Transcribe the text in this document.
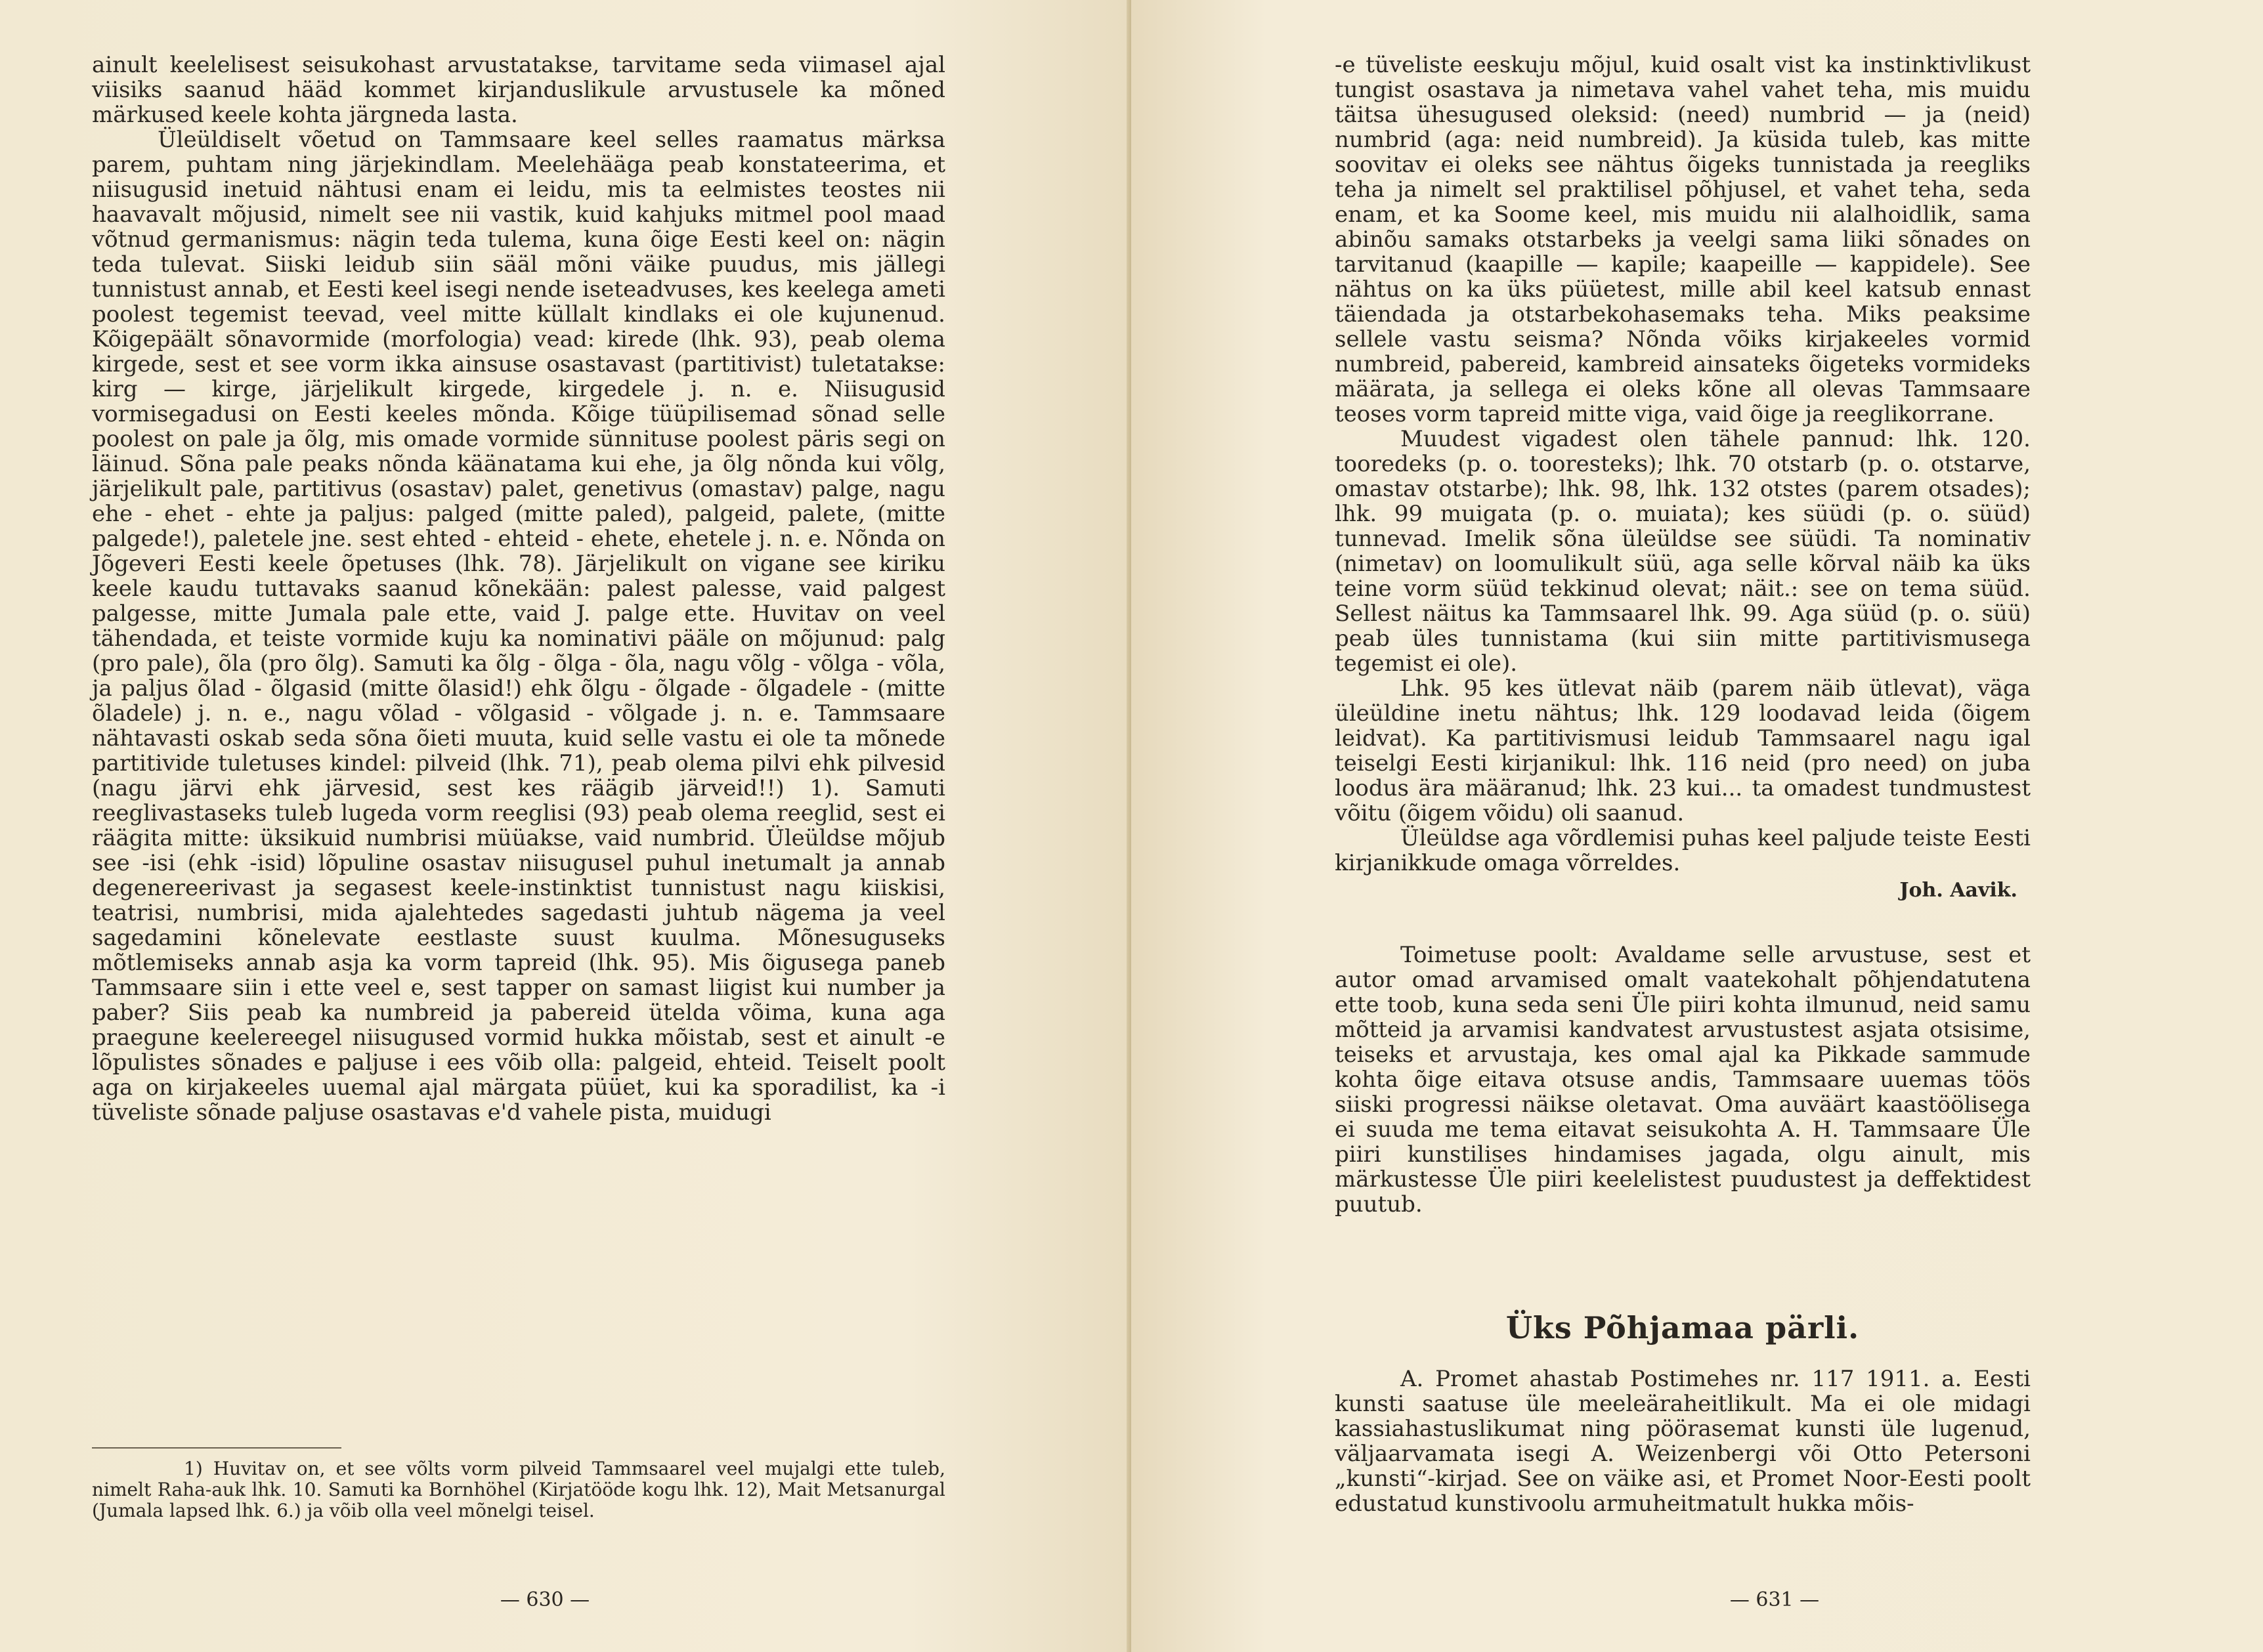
ainult keelelisest seisukohast arvustatakse, tarvitame seda viimasel ajal viisiks saanud hääd kommet kirjanduslikule arvustusele ka mõned märkused keele kohta järgneda lasta.

Üleüldiselt võetud on Tammsaare keel selles raamatus märksa parem, puhtam ning järjekindlam. Meelehääga peab konstateerima, et niisugusid inetuid nähtusi enam ei leidu, mis ta eelmistes teostes nii haavavalt mõjusid, nimelt see nii vastik, kuid kahjuks mitmel pool maad võtnud germanismus: nägin teda tulema, kuna õige Eesti keel on: nägin teda tulevat. Siiski leidub siin sääl mõni väike puudus, mis jällegi tunnistust annab, et Eesti keel isegi nende iseteadvuses, kes keelega ameti poolest tegemist teevad, veel mitte küllalt kindlaks ei ole kujunenud. Kõigepäält sõnavormide (morfologia) vead: kirede (lhk. 93), peab olema kirgede, sest et see vorm ikka ainsuse osastavast (partitivist) tuletatakse: kirg — kirge, järjelikult kirgede, kirgedele j. n. e. Niisugusid vormisegadusi on Eesti keeles mõnda. Kõige tüüpilisemad sõnad selle poolest on pale ja õlg, mis omade vormide sünnituse poolest päris segi on läinud. Sõna pale peaks nõnda käänatama kui ehe, ja õlg nõnda kui võlg, järjelikult pale, partitivus (osastav) palet, genetivus (omastav) palge, nagu ehe - ehet - ehte ja paljus: palged (mitte paled), palgeid, palete, (mitte palgede!), paletele jne. sest ehted - ehteid - ehete, ehetele j. n. e. Nõnda on Jõgeveri Eesti keele õpetuses (lhk. 78). Järjelikult on vigane see kiriku keele kaudu tuttavaks saanud kõnekään: palest palesse, vaid palgest palgesse, mitte Jumala pale ette, vaid J. palge ette. Huvitav on veel tähendada, et teiste vormide kuju ka nominativi pääle on mõjunud: palg (pro pale), õla (pro õlg). Samuti ka õlg - õlga - õla, nagu võlg - võlga - võla, ja paljus õlad - õlgasid (mitte õlasid!) ehk õlgu - õlgade - õlgadele - (mitte õladele) j. n. e., nagu võlad - võlgasid - võlgade j. n. e. Tammsaare nähtavasti oskab seda sõna õieti muuta, kuid selle vastu ei ole ta mõnede partitivide tuletuses kindel: pilveid (lhk. 71), peab olema pilvi ehk pilvesid (nagu järvi ehk järvesid, sest kes räägib järveid!!) 1). Samuti reeglivastaseks tuleb lugeda vorm reeglisi (93) peab olema reeglid, sest ei räägita mitte: üksikuid numbrisi müüakse, vaid numbrid. Üleüldse mõjub see -isi (ehk -isid) lõpuline osastav niisugusel puhul inetumalt ja annab degenereerivast ja segasest keele-instinktist tunnistust nagu kiiskisi, teatrisi, numbrisi, mida ajalehtedes sagedasti juhtub nägema ja veel sagedamini kõnelevate eestlaste suust kuulma. Mõnesuguseks mõtlemiseks annab asja ka vorm tapreid (lhk. 95). Mis õigusega paneb Tammsaare siin i ette veel e, sest tapper on samast liigist kui number ja paber? Siis peab ka numbreid ja pabereid ütelda võima, kuna aga praegune keelereegel niisugused vormid hukka mõistab, sest et ainult -e lõpulistes sõnades e paljuse i ees võib olla: palgeid, ehteid. Teiselt poolt aga on kirjakeeles uuemal ajal märgata püüet, kui ka sporadilist, ka -i tüveliste sõnade paljuse osastavas e'd vahele pista, muidugi

1) Huvitav on, et see võlts vorm pilveid Tammsaarel veel mujalgi ette tuleb, nimelt Raha-auk lhk. 10. Samuti ka Bornhöhel (Kirjatööde kogu lhk. 12), Mait Metsanurgal (Jumala lapsed lhk. 6.) ja võib olla veel mõnelgi teisel.

— 630 —

-e tüveliste eeskuju mõjul, kuid osalt vist ka instinktivlikust tungist osastava ja nimetava vahel vahet teha, mis muidu täitsa ühesugused oleksid: (need) numbrid — ja (neid) numbrid (aga: neid numbreid). Ja küsida tuleb, kas mitte soovitav ei oleks see nähtus õigeks tunnistada ja reegliks teha ja nimelt sel praktilisel põhjusel, et vahet teha, seda enam, et ka Soome keel, mis muidu nii alalhoidlik, sama abinõu samaks otstarbeks ja veelgi sama liiki sõnades on tarvitanud (kaapille — kapile; kaapeille — kappidele). See nähtus on ka üks püüetest, mille abil keel katsub ennast täiendada ja otstarbekohasemaks teha. Miks peaksime sellele vastu seisma? Nõnda võiks kirjakeeles vormid numbreid, pabereid, kambreid ainsateks õigeteks vormideks määrata, ja sellega ei oleks kõne all olevas Tammsaare teoses vorm tapreid mitte viga, vaid õige ja reeglikorrane.

Muudest vigadest olen tähele pannud: lhk. 120. tooredeks (p. o. tooresteks); lhk. 70 otstarb (p. o. otstarve, omastav otstarbe); lhk. 98, lhk. 132 otstes (parem otsades); lhk. 99 muigata (p. o. muiata); kes süüdi (p. o. süüd) tunnevad. Imelik sõna üleüldse see süüdi. Ta nominativ (nimetav) on loomulikult süü, aga selle kõrval näib ka üks teine vorm süüd tekkinud olevat; näit.: see on tema süüd. Sellest näitus ka Tammsaarel lhk. 99. Aga süüd (p. o. süü) peab üles tunnistama (kui siin mitte partitivismusega tegemist ei ole).

Lhk. 95 kes ütlevat näib (parem näib ütlevat), väga üleüldine inetu nähtus; lhk. 129 loodavad leida (õigem leidvat). Ka partitivismusi leidub Tammsaarel nagu igal teiselgi Eesti kirjanikul: lhk. 116 neid (pro need) on juba loodus ära määranud; lhk. 23 kui... ta omadest tundmustest võitu (õigem võidu) oli saanud.

Üleüldse aga võrdlemisi puhas keel paljude teiste Eesti kirjanikkude omaga võrreldes.

Joh. Aavik.

Toimetuse poolt: Avaldame selle arvustuse, sest et autor omad arvamised omalt vaatekohalt põhjendatutena ette toob, kuna seda seni Üle piiri kohta ilmunud, neid samu mõtteid ja arvamisi kandvatest arvustustest asjata otsisime, teiseks et arvustaja, kes omal ajal ka Pikkade sammude kohta õige eitava otsuse andis, Tammsaare uuemas töös siiski progressi näikse oletavat. Oma auväärt kaastöölisega ei suuda me tema eitavat seisukohta A. H. Tammsaare Üle piiri kunstilises hindamises jagada, olgu ainult, mis märkustesse Üle piiri keelelistest puudustest ja deffektidest puutub.

Üks Põhjamaa pärli.

A. Promet ahastab Postimehes nr. 117 1911. a. Eesti kunsti saatuse üle meeleäraheitlikult. Ma ei ole midagi kassiahastuslikumat ning pöörasemat kunsti üle lugenud, väljaarvamata isegi A. Weizenbergi või Otto Petersoni „kunsti“-kirjad. See on väike asi, et Promet Noor-Eesti poolt edustatud kunstivoolu armuheitmatult hukka mõis-

— 631 —
